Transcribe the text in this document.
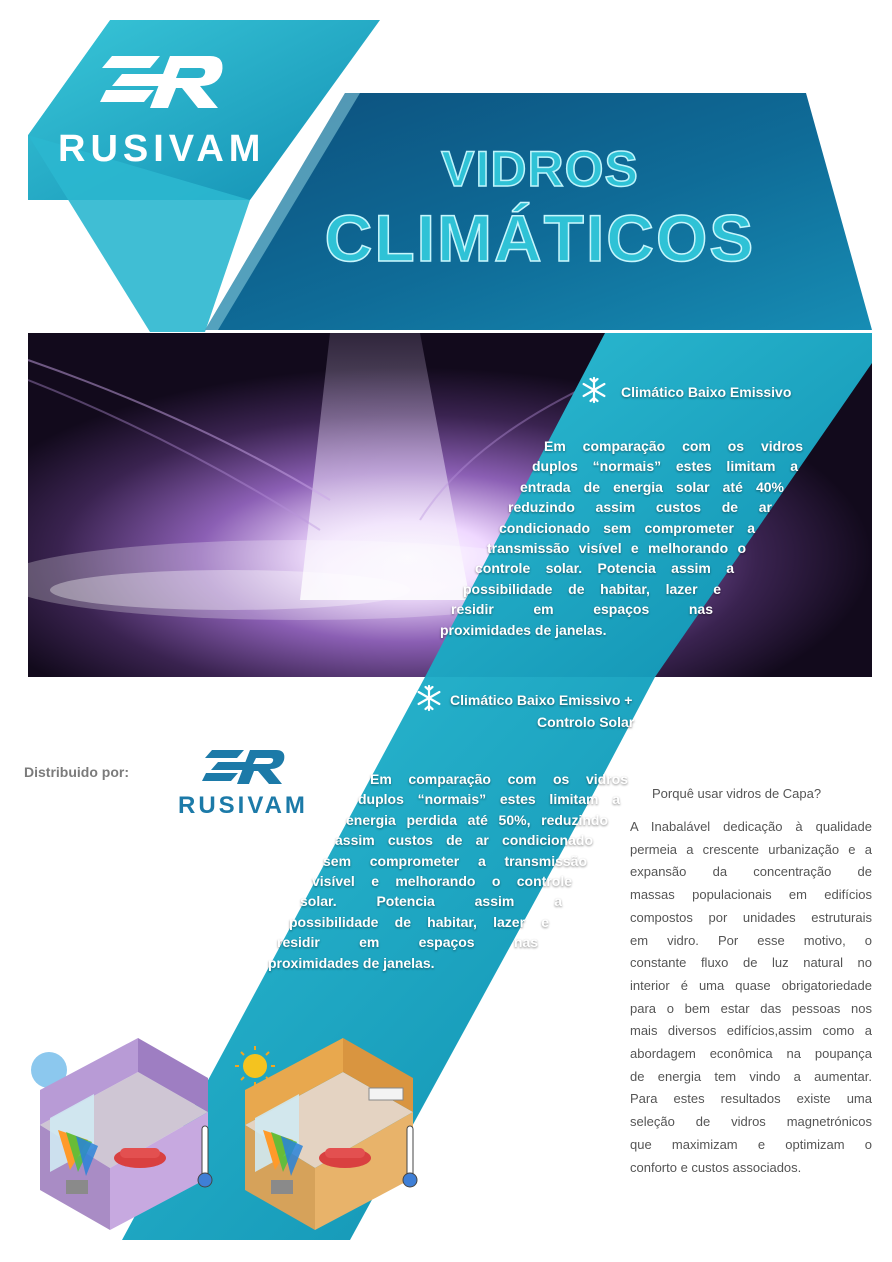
RUSIVAM	VIDROS
CLIMÁTICOS
Climático Baixo Emissivo
Em comparação com os vidros
duplos “normais” estes limitam a
entrada de energia solar até 40%
reduzindo assim custos de ar
condicionado sem comprometer a
transmissão visível e melhorando o
controle solar. Potencia assim a
possibilidade de habitar, lazer e
residir em espaços nas
proximidades de janelas.
Climático Baixo Emissivo +
Controlo Solar
Em comparação com os vidros
duplos “normais” estes limitam a
energia perdida até 50%, reduzindo
assim custos de ar condicionado
sem comprometer a transmissão
visível e melhorando o controle
solar. Potencia assim a
possibilidade de habitar, lazer e
residir em espaços nas
proximidades de janelas.
Distribuido por:
RUSIVAM	Porquê usar vidros de Capa?
A Inabalável dedicação à qualidade
permeia a crescente urbanização e a
expansão da concentração de
massas populacionais em edifícios
compostos por unidades estruturais
em vidro. Por esse motivo, o
constante fluxo de luz natural no
interior é uma quase obrigatoriedade
para o bem estar das pessoas nos
mais diversos edifícios,assim como a
abordagem econômica na poupança
de energia tem vindo a aumentar.
Para estes resultados existe uma
seleção de vidros magnetrónicos
que maximizam e optimizam o
conforto e custos associados.
